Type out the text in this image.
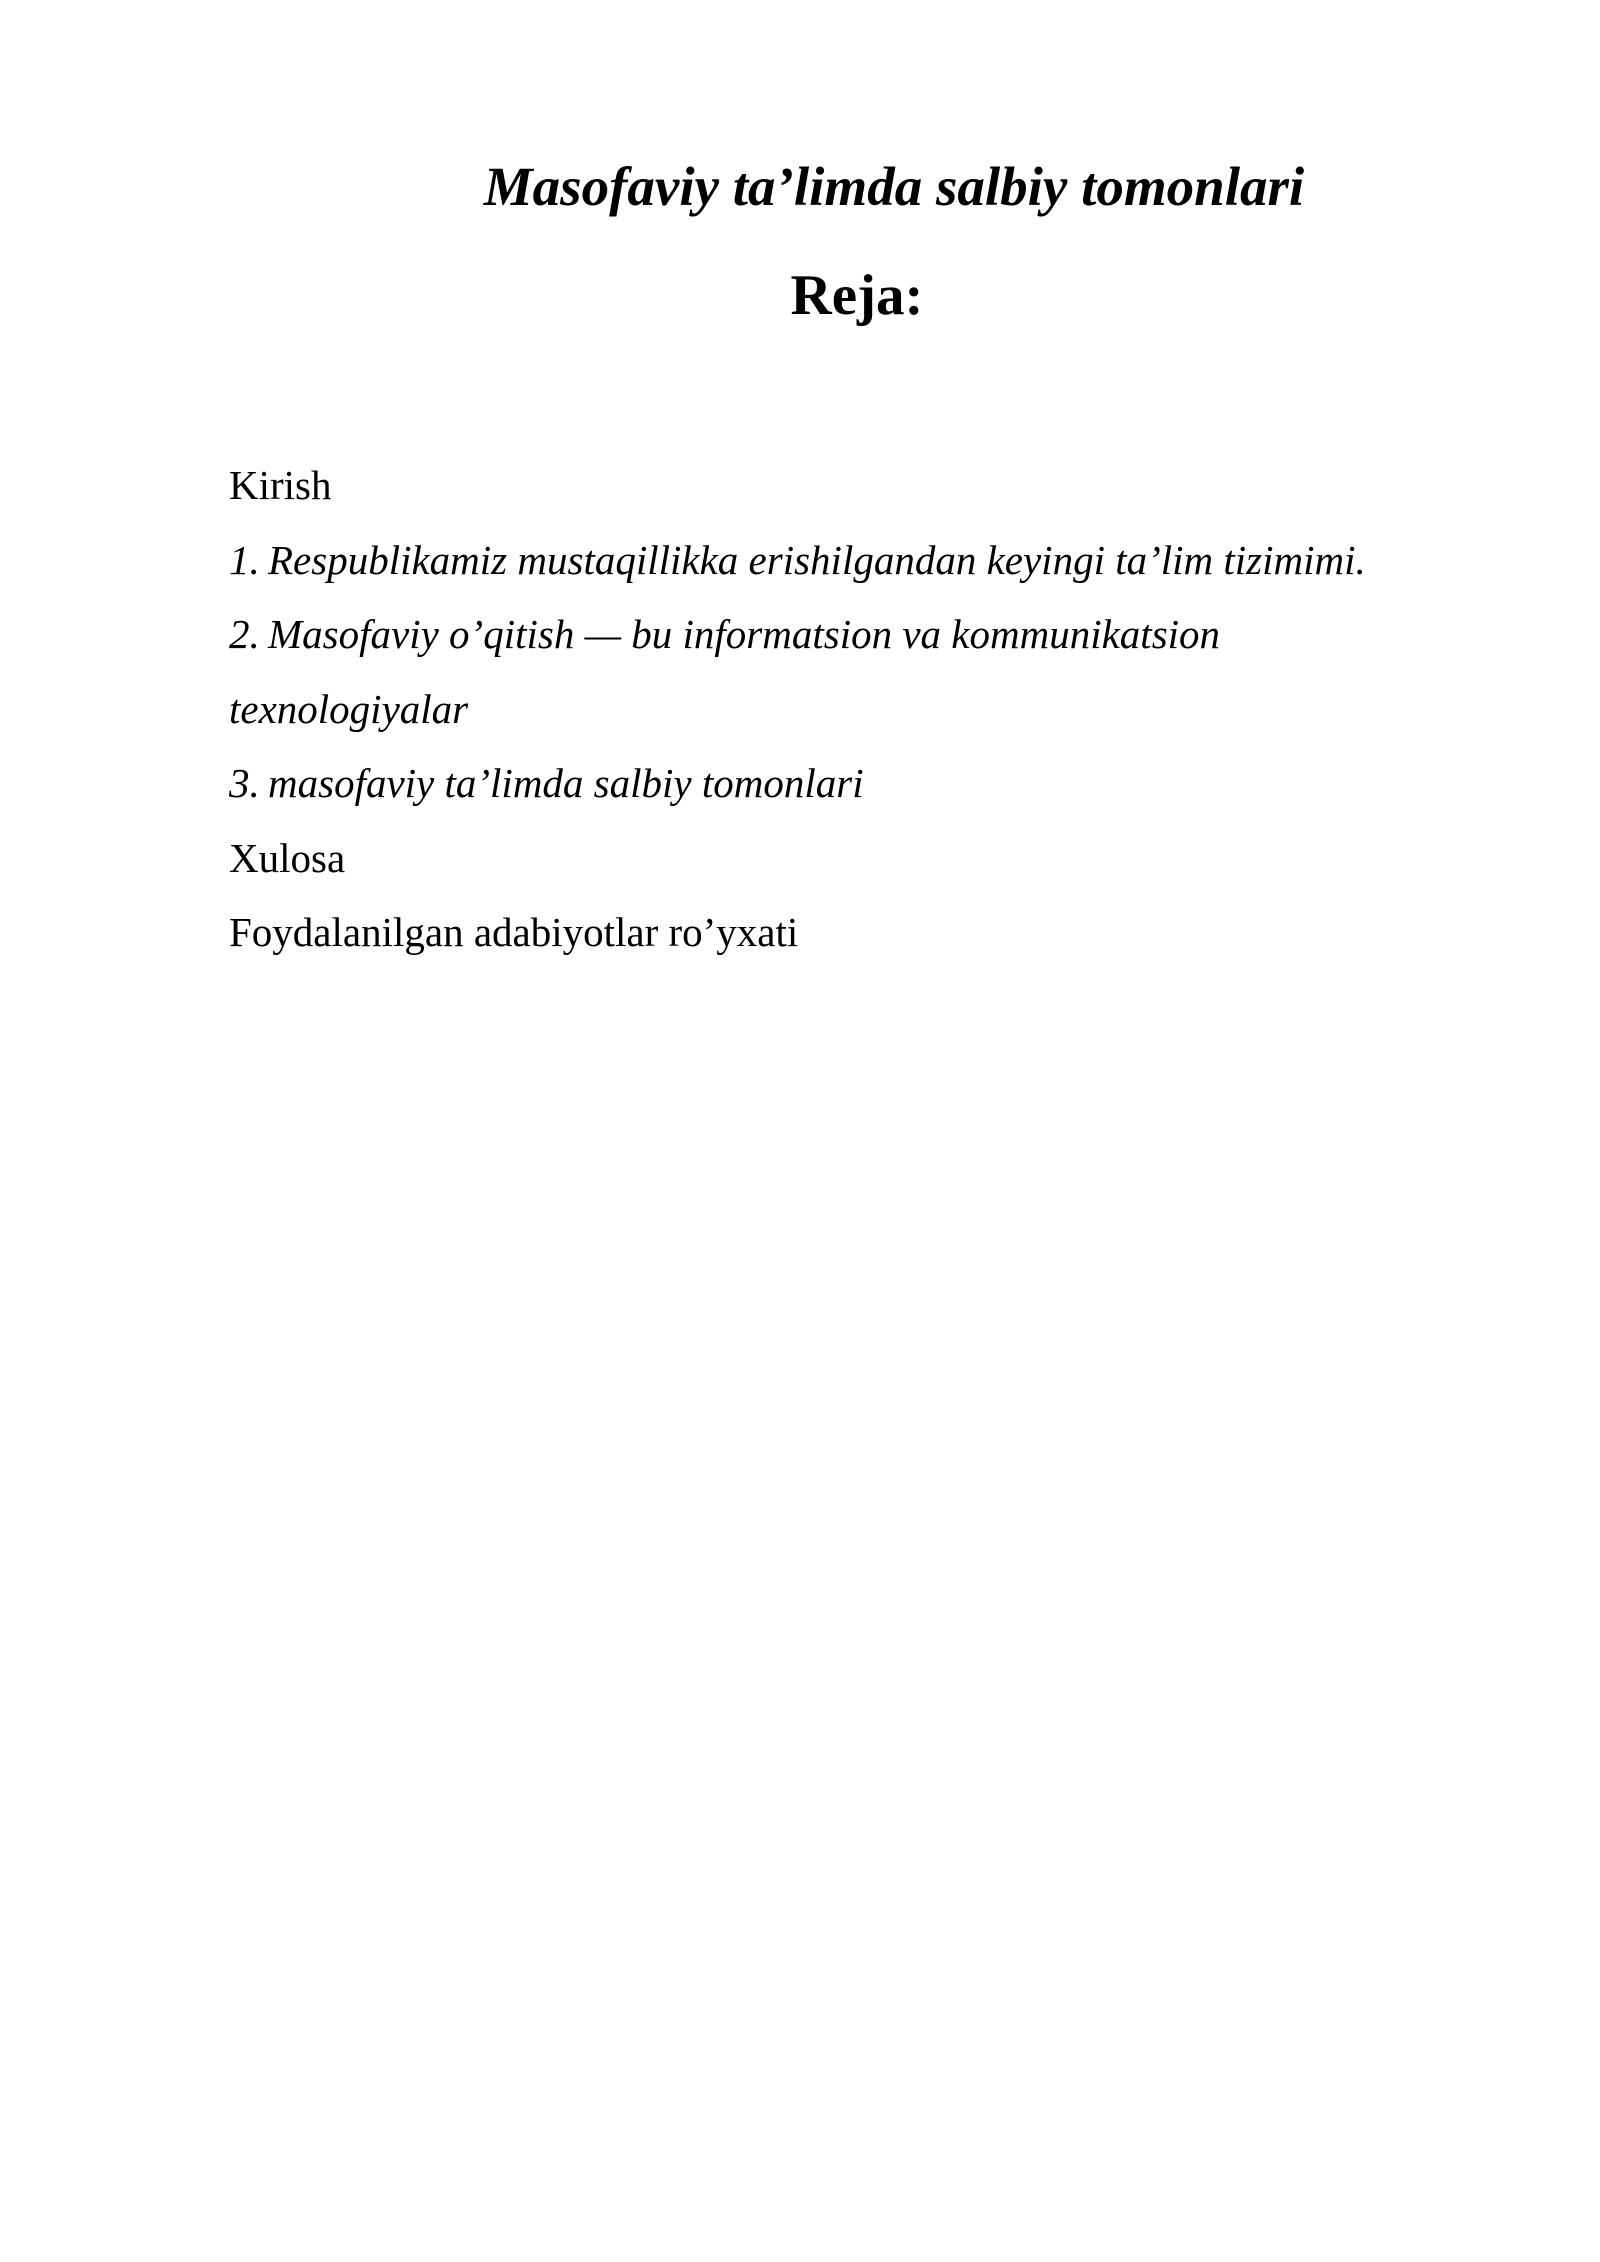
Masofaviy ta’limda salbiy tomonlari
Reja:
Kirish
1. Respublikamiz mustaqillikka erishilgandan keyingi ta’lim tizimimi.
2. Masofaviy o’qitish — bu informatsion va kommunikatsion
texnologiyalar
3. masofaviy ta’limda salbiy tomonlari
Xulosa
Foydalanilgan adabiyotlar ro’yxati
